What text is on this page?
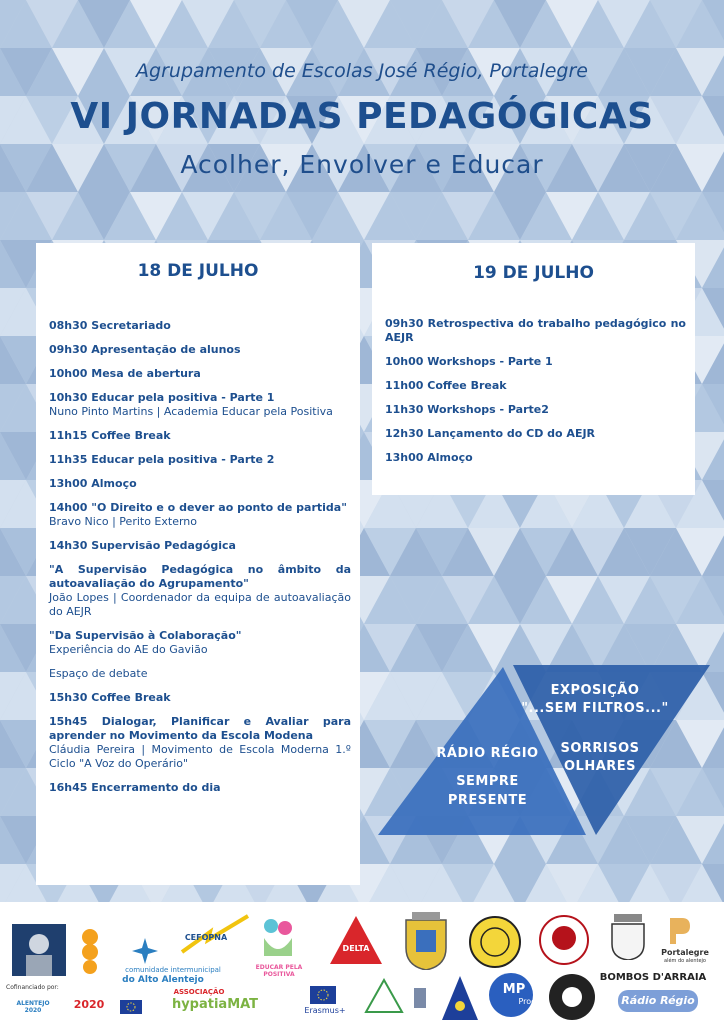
Agrupamento de Escolas José Régio, Portalegre
VI JORNADAS PEDAGÓGICAS
Acolher, Envolver e Educar
18 DE JULHO
08h30 Secretariado
09h30 Apresentação de alunos
10h00 Mesa de abertura
10h30 Educar pela positiva - Parte 1
Nuno Pinto Martins | Academia Educar pela Positiva
11h15 Coffee Break
11h35 Educar pela positiva - Parte 2
13h00 Almoço
14h00 "O Direito e o dever ao ponto de partida"
Bravo Nico | Perito Externo
14h30 Supervisão Pedagógica
"A Supervisão Pedagógica no âmbito da autoavaliação do Agrupamento"
João Lopes | Coordenador da equipa de autoavaliação do AEJR
"Da Supervisão à Colaboração"
Experiência do AE do Gavião
Espaço de debate
15h30 Coffee Break
15h45 Dialogar, Planificar e Avaliar para aprender no Movimento da Escola Modena
Cláudia Pereira | Movimento de Escola Moderna 1.º Ciclo "A Voz do Operário"
16h45 Encerramento do dia
19 DE JULHO
09h30 Retrospectiva do trabalho pedagógico no AEJR
10h00 Workshops - Parte 1
11h00 Coffee Break
11h30 Workshops - Parte2
12h30 Lançamento do CD do AEJR
13h00 Almoço
EXPOSIÇÃO
"...SEM FILTROS..."
SORRISOS
OLHARES
RÁDIO RÉGIO
SEMPRE
PRESENTE
comunidade intermunicipal
do Alto Alentejo
CEFOPNA
EDUCAR PELA POSITIVA
DELTA	Portalegre
além do alentejo
Cofinanciado por:
ALENTEJO 2020	2020
ASSOCIAÇÃO
hypatiaMAT	Erasmus+
MP
Proc
BOMBOS D'ARRAIA
Rádio Régio
